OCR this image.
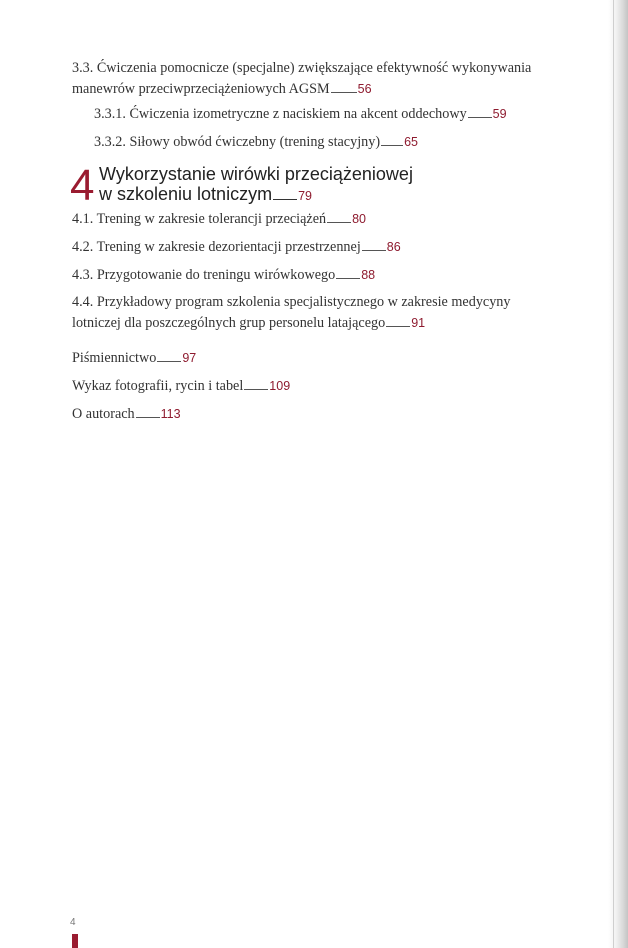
3.3. Ćwiczenia pomocnicze (specjalne) zwiększające efektywność wykonywania
manewrów przeciwprzeciążeniowych AGSM 56
3.3.1. Ćwiczenia izometryczne z naciskiem na akcent oddechowy 59
3.3.2. Siłowy obwód ćwiczebny (trening stacyjny) 65
4 Wykorzystanie wirówki przeciążeniowej
w szkoleniu lotniczym 79
4.1. Trening w zakresie tolerancji przeciążeń 80
4.2. Trening w zakresie dezorientacji przestrzennej 86
4.3. Przygotowanie do treningu wirówkowego 88
4.4. Przykładowy program szkolenia specjalistycznego w zakresie medycyny
lotniczej dla poszczególnych grup personelu latającego 91
Piśmiennictwo 97
Wykaz fotografii, rycin i tabel 109
O autorach 113
4
